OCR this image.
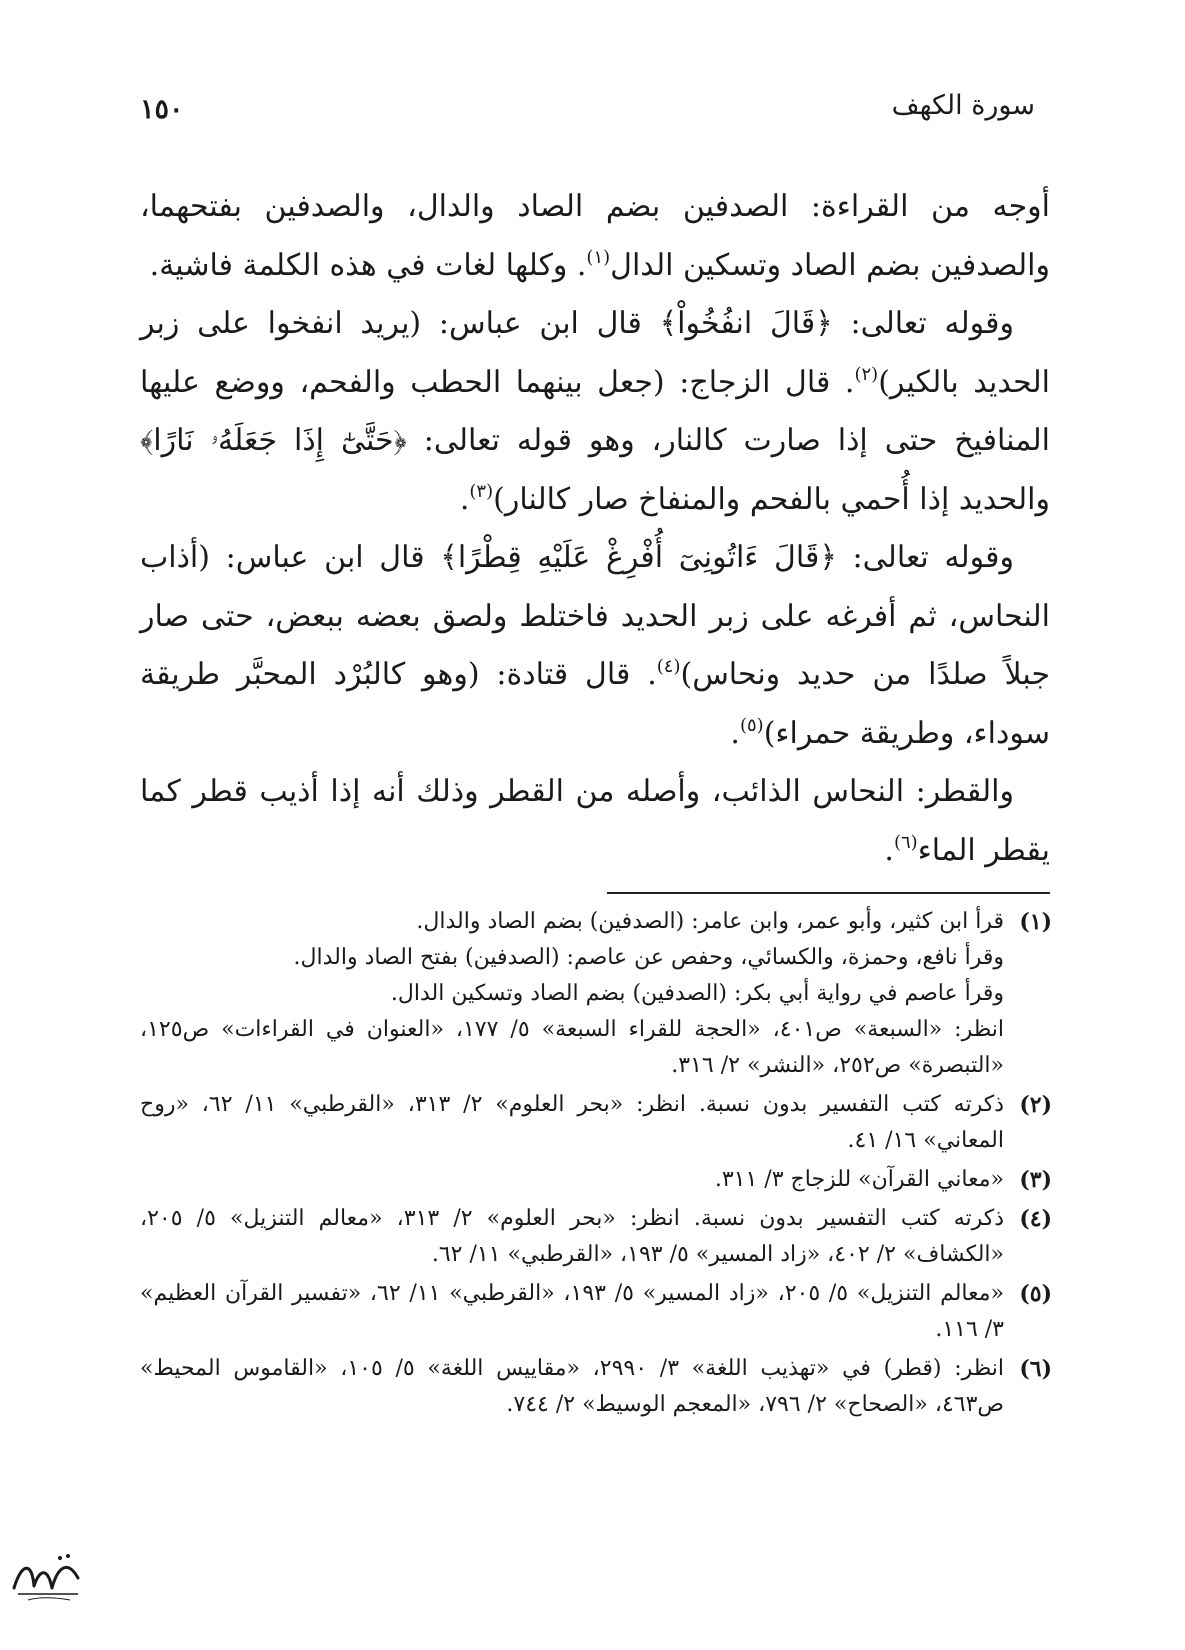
سورة الكهف
١٥٠

أوجه من القراءة: الصدفين بضم الصاد والدال، والصدفين بفتحهما، والصدفين بضم الصاد وتسكين الدال$^{(١)}$. وكلها لغات في هذه الكلمة فاشية.

وقوله تعالى: ﴿قَالَ انفُخُواْ﴾ قال ابن عباس: (يريد انفخوا على زبر الحديد بالكير)$^{(٢)}$. قال الزجاج: (جعل بينهما الحطب والفحم، ووضع عليها المنافيخ حتى إذا صارت كالنار، وهو قوله تعالى: ﴿حَتَّىٰٓ إِذَا جَعَلَهُۥ نَارًا﴾ والحديد إذا أُحمي بالفحم والمنفاخ صار كالنار)$^{(٣)}$.

وقوله تعالى: ﴿قَالَ ءَاتُونِىٓ أُفْرِغْ عَلَيْهِ قِطْرًا﴾ قال ابن عباس: (أذاب النحاس، ثم أفرغه على زبر الحديد فاختلط ولصق بعضه ببعض، حتى صار جبلاً صلدًا من حديد ونحاس)$^{(٤)}$. قال قتادة: (وهو كالبُرْد المحبَّر طريقة سوداء، وطريقة حمراء)$^{(٥)}$.

والقطر: النحاس الذائب، وأصله من القطر وذلك أنه إذا أذيب قطر كما يقطر الماء$^{(٦)}$.

(١)
قرأ ابن كثير، وأبو عمر، وابن عامر: (الصدفين) بضم الصاد والدال.
وقرأ نافع، وحمزة، والكسائي، وحفص عن عاصم: (الصدفين) بفتح الصاد والدال.
وقرأ عاصم في رواية أبي بكر: (الصدفين) بضم الصاد وتسكين الدال.
انظر: «السبعة» ص٤٠١، «الحجة للقراء السبعة» ٥/ ١٧٧، «العنوان في القراءات» ص١٢٥، «التبصرة» ص٢٥٢، «النشر» ٢/ ٣١٦.
(٢)
ذكرته كتب التفسير بدون نسبة. انظر: «بحر العلوم» ٢/ ٣١٣، «القرطبي» ١١/ ٦٢، «روح المعاني» ١٦/ ٤١.
(٣)
«معاني القرآن» للزجاج ٣/ ٣١١.
(٤)
ذكرته كتب التفسير بدون نسبة. انظر: «بحر العلوم» ٢/ ٣١٣، «معالم التنزيل» ٥/ ٢٠٥، «الكشاف» ٢/ ٤٠٢، «زاد المسير» ٥/ ١٩٣، «القرطبي» ١١/ ٦٢.
(٥)
«معالم التنزيل» ٥/ ٢٠٥، «زاد المسير» ٥/ ١٩٣، «القرطبي» ١١/ ٦٢، «تفسير القرآن العظيم» ٣/ ١١٦.
(٦)
انظر: (قطر) في «تهذيب اللغة» ٣/ ٢٩٩٠، «مقاييس اللغة» ٥/ ١٠٥، «القاموس المحيط» ص٤٦٣، «الصحاح» ٢/ ٧٩٦، «المعجم الوسيط» ٢/ ٧٤٤.
